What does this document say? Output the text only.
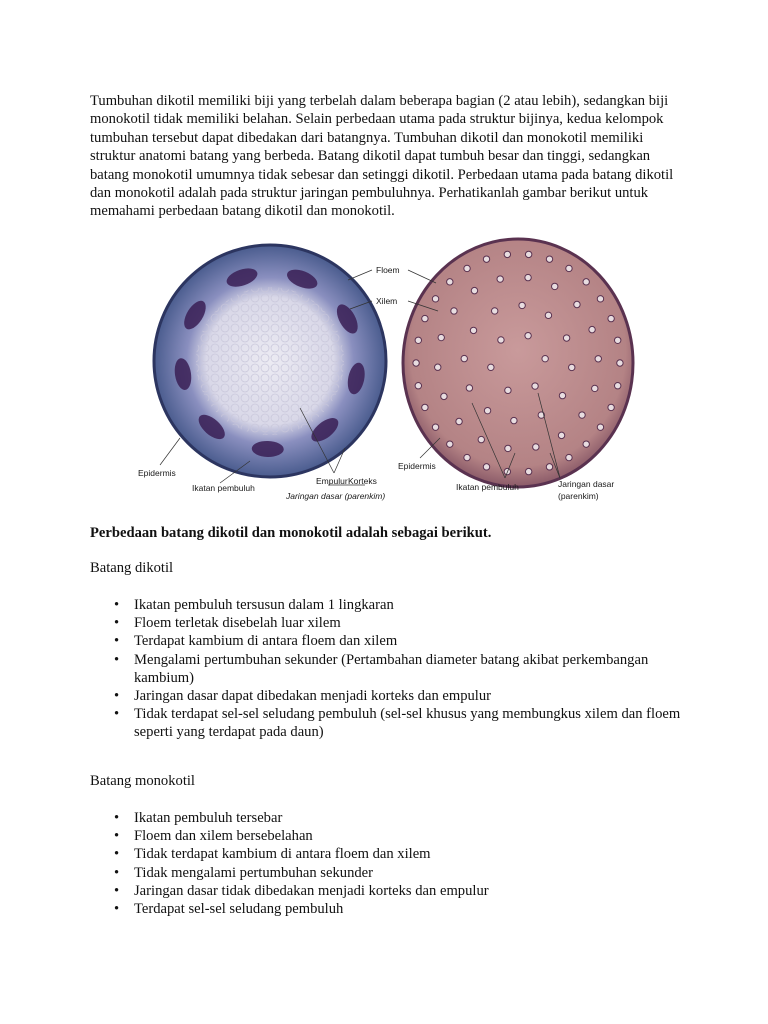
Tumbuhan dikotil memiliki biji yang terbelah dalam beberapa bagian (2 atau lebih), sedangkan biji monokotil tidak memiliki belahan. Selain perbedaan utama pada struktur bijinya, kedua kelompok tumbuhan tersebut dapat dibedakan dari batangnya. Tumbuhan dikotil dan monokotil memiliki struktur anatomi batang yang berbeda. Batang dikotil dapat tumbuh besar dan tinggi, sedangkan batang monokotil umumnya tidak sebesar dan setinggi dikotil. Perbedaan utama pada batang dikotil dan monokotil adalah pada struktur jaringan pembuluhnya. Perhatikanlah gambar berikut untuk memahami perbedaan batang dikotil dan monokotil.

Floem
Xilem
Epidermis
Ikatan pembuluh
Empulur Korteks
Jaringan dasar (parenkim)
Epidermis
Ikatan pembuluh	Jaringan dasar
(parenkim)

Perbedaan batang dikotil dan monokotil adalah sebagai berikut.

Batang dikotil

• Ikatan pembuluh tersusun dalam 1 lingkaran
• Floem terletak disebelah luar xilem
• Terdapat kambium di antara floem dan xilem
• Mengalami pertumbuhan sekunder (Pertambahan diameter batang akibat perkembangan kambium)
• Jaringan dasar dapat dibedakan menjadi korteks dan empulur
• Tidak terdapat sel-sel seludang pembuluh (sel-sel khusus yang membungkus xilem dan floem seperti yang terdapat pada daun)

Batang monokotil

• Ikatan pembuluh tersebar
• Floem dan xilem bersebelahan
• Tidak terdapat kambium di antara floem dan xilem
• Tidak mengalami pertumbuhan sekunder
• Jaringan dasar tidak dibedakan menjadi korteks dan empulur
• Terdapat sel-sel seludang pembuluh
